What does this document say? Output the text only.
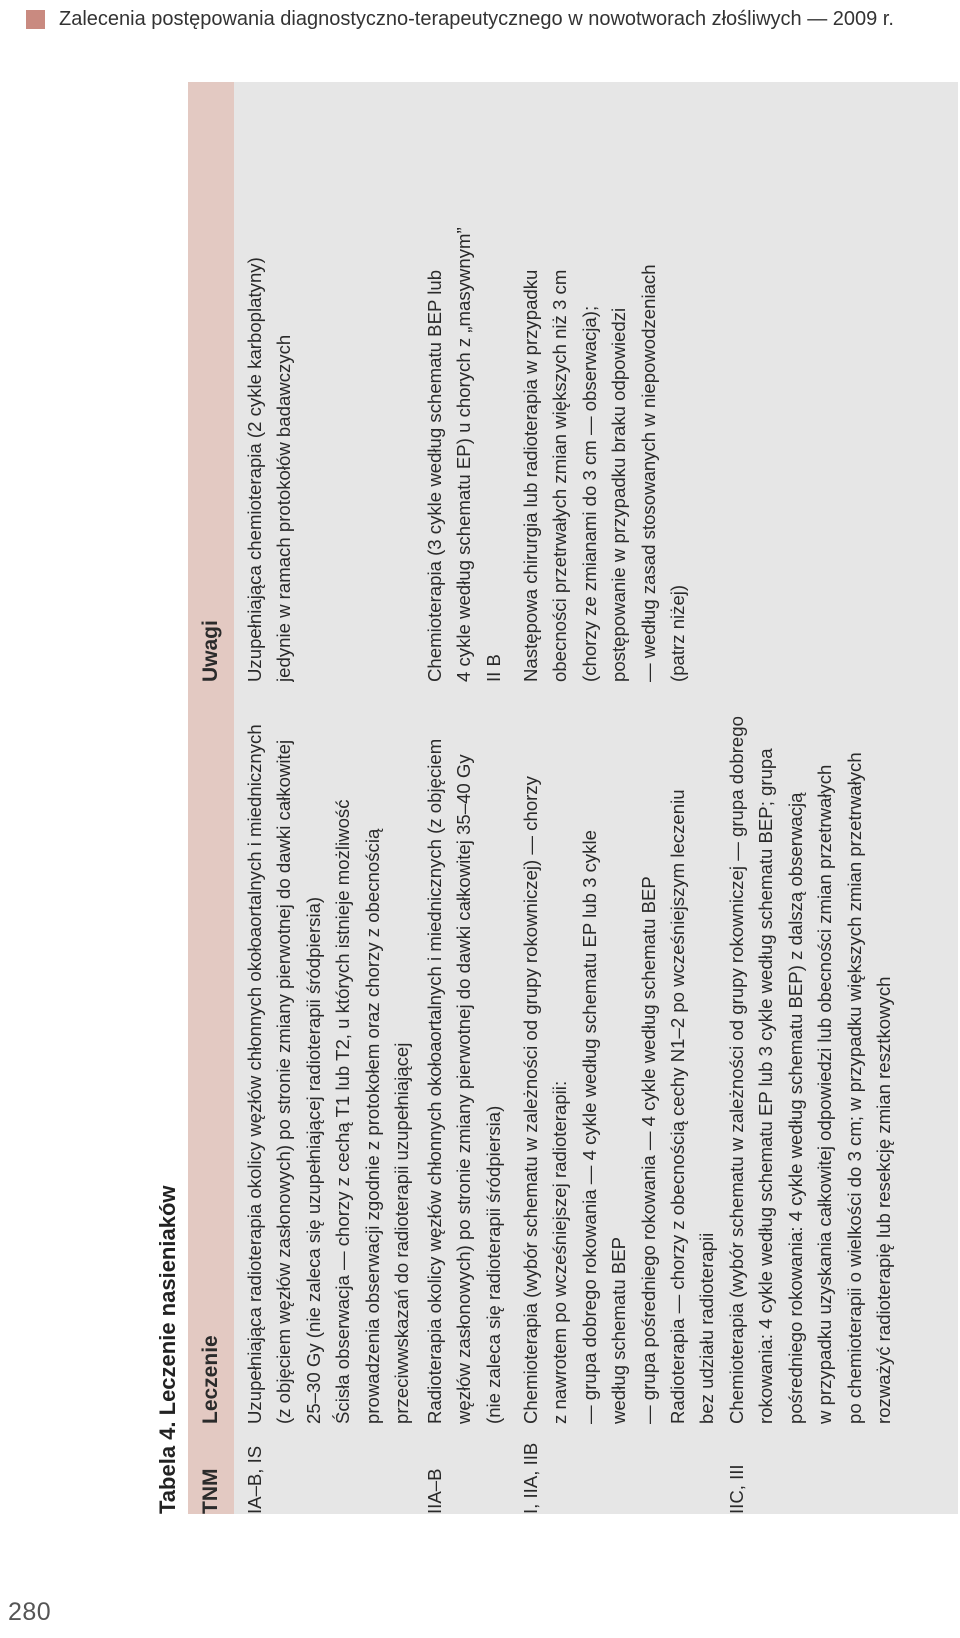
Zalecenia postępowania diagnostyczno-terapeutycznego w nowotworach złośliwych — 2009 r.
Tabela 4. Leczenie nasieniaków TNM
Leczenie
Uwagi
IA–B, IS
Uzupełniająca radioterapia okolicy węzłów chłonnych okołoaortalnych i miednicznych (z objęciem węzłów zasłonowych) po stronie zmiany pierwotnej do dawki całkowitej 25–30 Gy (nie zaleca się uzupełniającej radioterapii śródpiersia) Ścisła obserwacja — chorzy z cechą T1 lub T2, u których istnieje możliwość prowadzenia obserwacji zgodnie z protokołem oraz chorzy z obecnością przeciwwskazań do radioterapii uzupełniającej
Uzupełniająca chemioterapia (2 cykle karboplatyny) jedynie w ramach protokołów badawczych
IIA–B
Radioterapia okolicy węzłów chłonnych okołoaortalnych i miednicznych (z objęciem węzłów zasłonowych) po stronie zmiany pierwotnej do dawki całkowitej 35–40 Gy (nie zaleca się radioterapii śródpiersia)
Chemioterapia (3 cykle według schematu BEP lub 4 cykle według schematu EP) u chorych z „masywnym” II B
I, IIA, IIB
Chemioterapia (wybór schematu w zależności od grupy rokowniczej) — chorzy z nawrotem po wcześniejszej radioterapii: — grupa dobrego rokowania — 4 cykle według schematu EP lub 3 cykle według schematu BEP — grupa pośredniego rokowania — 4 cykle według schematu BEP Radioterapia — chorzy z obecnością cechy N1–2 po wcześniejszym leczeniu bez udziału radioterapii
Następowa chirurgia lub radioterapia w przypadku obecności przetrwałych zmian większych niż 3 cm (chorzy ze zmianami do 3 cm — obserwacja); postępowanie w przypadku braku odpowiedzi — według zasad stosowanych w niepowodzeniach (patrz niżej)
IIC, III
Chemioterapia (wybór schematu w zależności od grupy rokowniczej — grupa dobrego rokowania: 4 cykle według schematu EP lub 3 cykle według schematu BEP; grupa pośredniego rokowania: 4 cykle według schematu BEP) z dalszą obserwacją w przypadku uzyskania całkowitej odpowiedzi lub obecności zmian przetrwałych po chemioterapii o wielkości do 3 cm; w przypadku większych zmian przetrwałych rozważyć radioterapię lub resekcję zmian resztkowych
280
